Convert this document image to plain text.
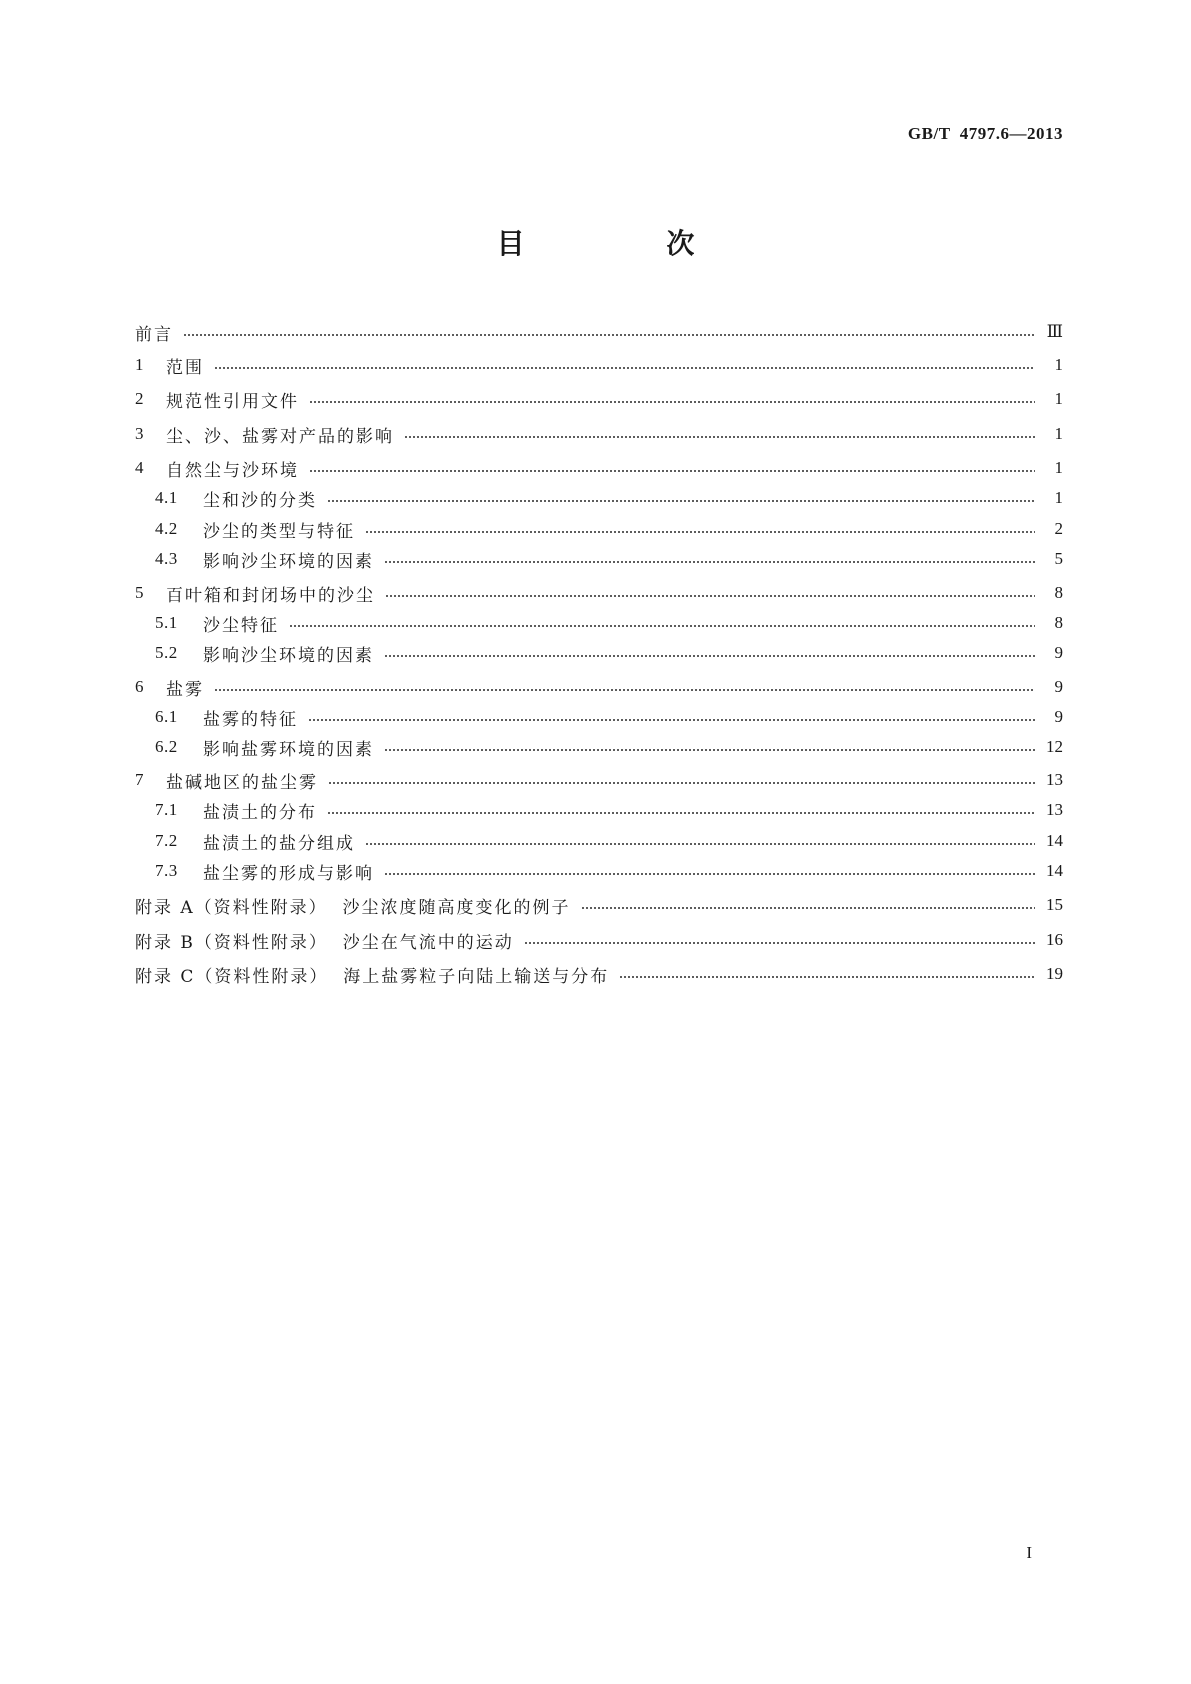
GB/T  4797.6—2013
目 次
前言	Ⅲ
1	范围	1
2	规范性引用文件	1
3	尘、沙、盐雾对产品的影响	1
4	自然尘与沙环境	1
4.1	尘和沙的分类	1
4.2	沙尘的类型与特征	2
4.3	影响沙尘环境的因素	5
5	百叶箱和封闭场中的沙尘	8
5.1	沙尘特征	8
5.2	影响沙尘环境的因素	9
6	盐雾	9
6.1	盐雾的特征	9
6.2	影响盐雾环境的因素	12
7	盐碱地区的盐尘雾	13
7.1	盐渍土的分布	13
7.2	盐渍土的盐分组成	14
7.3	盐尘雾的形成与影响	14
附录 A（资料性附录）  沙尘浓度随高度变化的例子	15
附录 B（资料性附录）  沙尘在气流中的运动	16
附录 C（资料性附录）  海上盐雾粒子向陆上输送与分布	19
I
